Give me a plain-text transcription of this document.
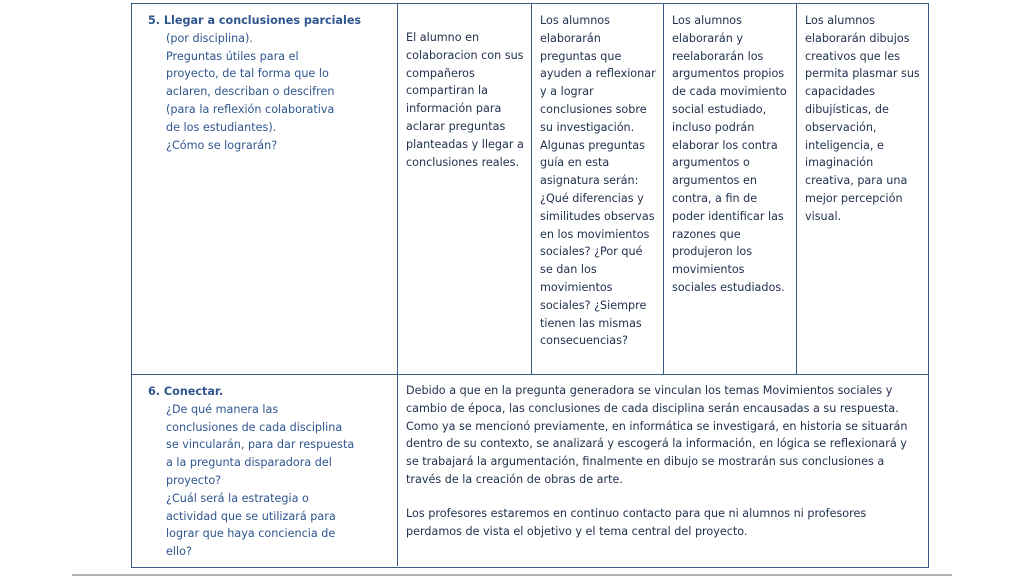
5. Llegar a conclusiones parciales
(por disciplina).
Preguntas útiles para el
proyecto, de tal forma que lo
aclaren, describan o descifren
(para la reflexión colaborativa
de los estudiantes).
¿Cómo se lograrán?

El alumno en colaboracion con sus compañeros compartiran la información para aclarar preguntas planteadas y llegar a conclusiones reales.

Los alumnos elaborarán preguntas que ayuden a reflexionar y a lograr conclusiones sobre su investigación. Algunas preguntas guía en esta asignatura serán: ¿Qué diferencias y similitudes observas en los movimientos sociales? ¿Por qué se dan los movimientos sociales? ¿Siempre tienen las mismas consecuencias?

Los alumnos elaborarán y reelaborarán los argumentos propios de cada movimiento social estudiado, incluso podrán elaborar los contra argumentos o argumentos en contra, a fin de poder identificar las razones que produjeron los movimientos sociales estudiados.

Los alumnos elaborarán dibujos creativos que les permita plasmar sus capacidades dibujísticas, de observación, inteligencia, e imaginación creativa, para una mejor percepción visual.

6. Conectar.
¿De qué manera las
conclusiones de cada disciplina
se vincularán, para dar respuesta
a la pregunta disparadora del
proyecto?
¿Cuál será la estrategia o
actividad que se utilizará para
lograr que haya conciencia de
ello?

Debido a que en la pregunta generadora se vinculan los temas Movimientos sociales y cambio de época, las conclusiones de cada disciplina serán encausadas a su respuesta. Como ya se mencionó previamente, en informática se investigará, en historia se situarán dentro de su contexto, se analizará y escogerá la información, en lógica se reflexionará y se trabajará la argumentación, finalmente en dibujo se mostrarán sus conclusiones a través de la creación de obras de arte.

Los profesores estaremos en continuo contacto para que ni alumnos ni profesores perdamos de vista el objetivo y el tema central del proyecto.
